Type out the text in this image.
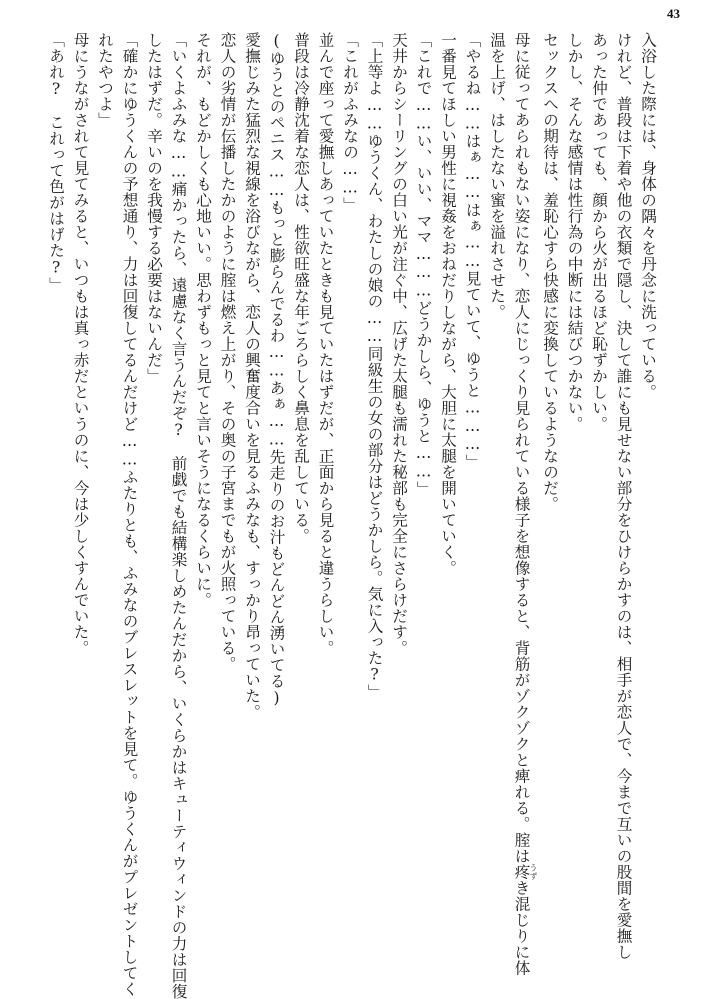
43
入浴した際には、身体の隅々を丹念に洗っている。
けれど、普段は下着や他の衣類で隠し、決して誰にも見せない部分をひけらかすのは、相手が恋人で、今まで互いの股間を愛撫し
あった仲であっても、顔から火が出るほど恥ずかしい。
しかし、そんな感情は性行為の中断には結びつかない。
セックスへの期待は、羞恥心すら快感に変換しているようなのだ。
母に従ってあられもない姿になり、恋人にじっくり見られている様子を想像すると、背筋がゾクゾクと痺れる。腟は疼うずき混じりに体
温を上げ、はしたない蜜を溢れさせた。
「やるね……はぁ……はぁ……見ていて、ゆうと………」
一番見てほしい男性に視姦をおねだりしながら、大胆に太腿を開いていく。
「これで……い、いい、ママ………どうかしら、ゆうと……」
天井からシーリングの白い光が注ぐ中、広げた太腿も濡れた秘部も完全にさらけだす。
「上等よ……ゆうくん、わたしの娘の……同級生の女の部分はどうかしら。気に入った?」
「これがふみなの……」
並んで座って愛撫しあっていたときも見ていたはずだが、正面から見ると違うらしい。
普段は冷静沈着な恋人は、性欲旺盛な年ごろらしく鼻息を乱している。
(ゆうとのペニス……もっと膨らんでるわ……あぁ……先走りのお汁もどんどん湧いてる)
愛撫じみた猛烈な視線を浴びながら、恋人の興奮度合いを見るふみなも、すっかり昂っていた。
恋人の劣情が伝播したかのように腟は燃え上がり、その奥の子宮までもが火照っている。
それが、もどかしくも心地いい。思わずもっと見てと言いそうになるくらいに。
「いくよふみな……痛かったら、遠慮なく言うんだぞ?　前戯でも結構楽しめたんだから、いくらかはキューティウィンドの力は回復
したはずだ。辛いのを我慢する必要はないんだ」
「確かにゆうくんの予想通り、力は回復してるんだけど……ふたりとも、ふみなのブレスレットを見て。ゆうくんがプレゼントしてく
れたやつよ」
母にうながされて見てみると、いつもは真っ赤だというのに、今は少しくすんでいた。
「あれ?　これって色がはげた?」
